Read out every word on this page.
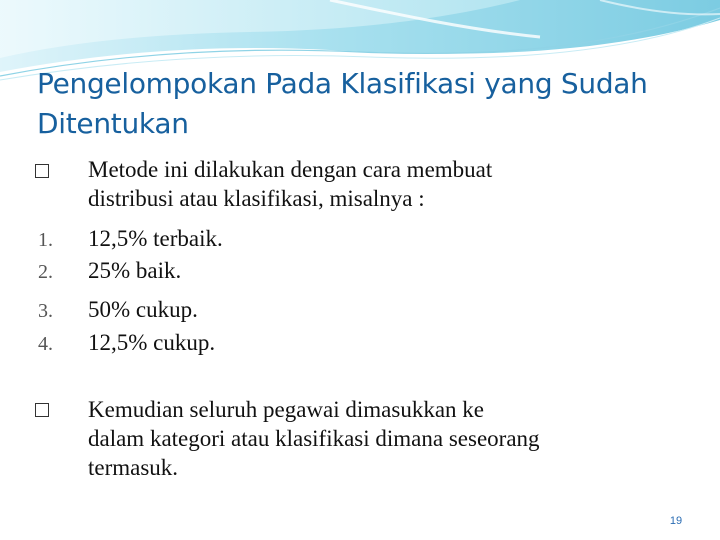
Pengelompokan Pada Klasifikasi yang Sudah
Ditentukan
Metode ini dilakukan dengan cara membuat
distribusi atau klasifikasi, misalnya :
1.	12,5% terbaik.
2.	25% baik.
3.	50% cukup.
4.	12,5% cukup.
Kemudian seluruh pegawai dimasukkan ke
dalam kategori atau klasifikasi dimana seseorang
termasuk.
19
